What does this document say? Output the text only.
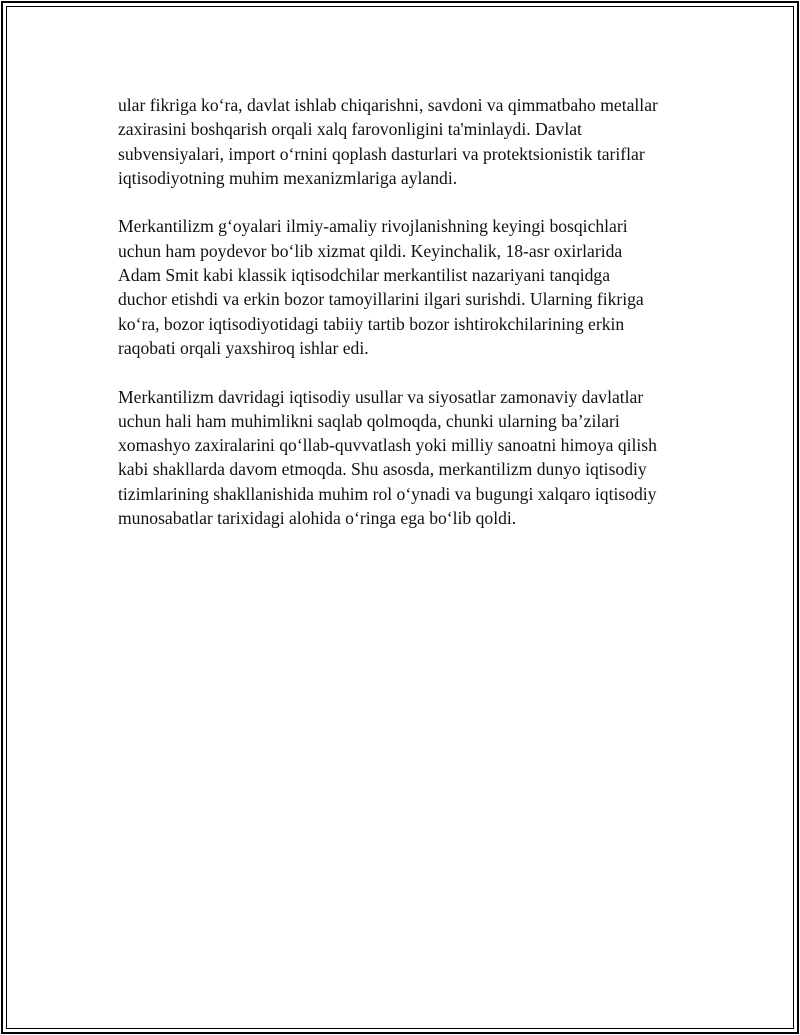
ular fikriga ko‘ra, davlat ishlab chiqarishni, savdoni va qimmatbaho metallar
zaxirasini boshqarish orqali xalq farovonligini ta'minlaydi. Davlat
subvensiyalari, import o‘rnini qoplash dasturlari va protektsionistik tariflar
iqtisodiyotning muhim mexanizmlariga aylandi.

Merkantilizm g‘oyalari ilmiy-amaliy rivojlanishning keyingi bosqichlari
uchun ham poydevor bo‘lib xizmat qildi. Keyinchalik, 18-asr oxirlarida
Adam Smit kabi klassik iqtisodchilar merkantilist nazariyani tanqidga
duchor etishdi va erkin bozor tamoyillarini ilgari surishdi. Ularning fikriga
ko‘ra, bozor iqtisodiyotidagi tabiiy tartib bozor ishtirokchilarining erkin
raqobati orqali yaxshiroq ishlar edi.

Merkantilizm davridagi iqtisodiy usullar va siyosatlar zamonaviy davlatlar
uchun hali ham muhimlikni saqlab qolmoqda, chunki ularning ba’zilari
xomashyo zaxiralarini qo‘llab-quvvatlash yoki milliy sanoatni himoya qilish
kabi shakllarda davom etmoqda. Shu asosda, merkantilizm dunyo iqtisodiy
tizimlarining shakllanishida muhim rol o‘ynadi va bugungi xalqaro iqtisodiy
munosabatlar tarixidagi alohida o‘ringa ega bo‘lib qoldi.
